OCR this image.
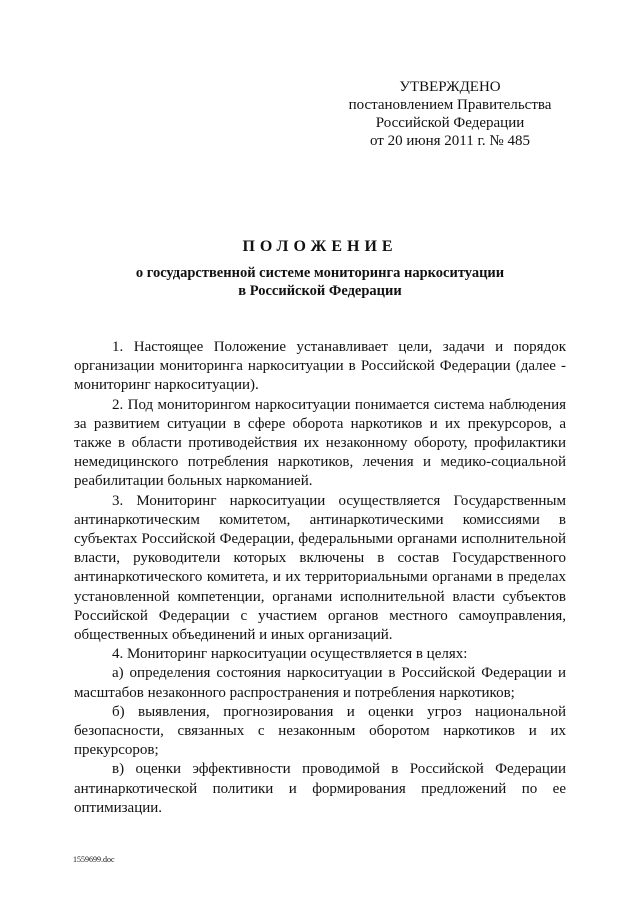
УТВЕРЖДЕНО
постановлением Правительства
Российской Федерации
от 20 июня 2011 г. № 485
ПОЛОЖЕНИЕ
о государственной системе мониторинга наркоситуации
в Российской Федерации

1. Настоящее Положение устанавливает цели, задачи и порядок организации мониторинга наркоситуации в Российской Федерации (далее - мониторинг наркоситуации).

2. Под мониторингом наркоситуации понимается система наблюдения за развитием ситуации в сфере оборота наркотиков и их прекурсоров, а также в области противодействия их незаконному обороту, профилактики немедицинского потребления наркотиков, лечения и медико-социальной реабилитации больных наркоманией.

3. Мониторинг наркоситуации осуществляется Государственным антинаркотическим комитетом, антинаркотическими комиссиями в субъектах Российской Федерации, федеральными органами исполнительной власти, руководители которых включены в состав Государственного антинаркотического комитета, и их территориальными органами в пределах установленной компетенции, органами исполнительной власти субъектов Российской Федерации с участием органов местного самоуправления, общественных объединений и иных организаций.

4. Мониторинг наркоситуации осуществляется в целях:

а) определения состояния наркоситуации в Российской Федерации и масштабов незаконного распространения и потребления наркотиков;

б) выявления, прогнозирования и оценки угроз национальной безопасности, связанных с незаконным оборотом наркотиков и их прекурсоров;

в) оценки эффективности проводимой в Российской Федерации антинаркотической политики и формирования предложений по ее оптимизации.

1559699.doc
